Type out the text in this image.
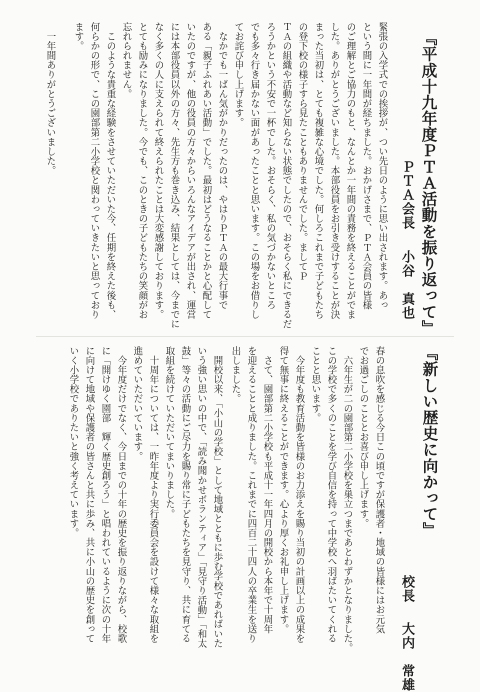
『平成十九年度ＰＴＡ活動を振り返って』
ＰＴＡ会長
小谷　真也
緊張の入学式での挨拶が、つい先日のように思い出されます。あっ
という間に一年間が経ちました。おかげさまで、ＰＴＡ会員の皆様
のご理解とご協力のもと、なんとか一年間の責務を終えることがでま
した。ありがとうございました。本部役員をお引き受けすることが決
まった当初は、とても複雑な心境でした。何しろこれまで子どもたち
の登下校の様子すら見たこともありませんでした。ましてＰ
ＴＡの組織や活動など知らない状態でしたので、おそらく私にできるだ
ろうかという不安で一杯でした。おそらく、私の気づかないところ
でも多々行き届かない面があったことと思います。この場をお借りし
てお詫び申し上げます。
　なかでも一ばん気がかりだったのは、やはりＰＴＡの最大行事で
ある「親子ふれあい活動」でした。最初はどうなることかと心配して
いたのですが、他の役員の方々からいろんなアイデアが出され、運営
には本部役員以外の方々、先生方も巻き込み、結果としては、今までに
なく多くの人に支えられて終えられたことは大変感謝しております。
とても励みになりました。今でも、このときの子どもたちの笑顔がお
忘れられません。
　このような貴重な経験をさせていただいた今、任期を終えた後も、
何らかの形で、この園部第二小学校と関わっていきたいと思っており
ます。
　一年間ありがとうございました。
『新しい歴史に向かって』
校長
大内　常雄
春の息吹を感じる今日この頃ですが保護者・地域の皆様にはお元気
でお過ごしのこととお喜び申し上げます。
　六年生が二の園部第二小学校を巣立つまであとわずかとなりました。
この学校で多くのことを学び自信を持って中学校へ羽ばたいてくれる
ことと思います。
　今年度も教育活動を皆様のお力添えを賜り当初の計画以上の成果を
得て無事に終えることができます。心より厚くお礼申し上げます。
　さて、園部第二小学校も平成十一年四月の開校から本年で十周年
を迎えることと成りました。これまでに四百二十四人の卒業生を送り
出しました。
　開校以来、「小山の学校」として地域とともに歩む学校であればいた
いう強い思いの中で、「読み聞かせボランティア」「見守り活動」「和太
鼓」等々の活動にご尽力を賜り常に子どもたちを見守り、共に育てる
取組を続けていただいてまいりました。
　十周年については、一昨年度より実行委員会を設けて様々な取組を
進めていただいています。
　今年度だけでなく、今日までの十年の歴史を振り返りながら、校歌
に「開けゆく園部　輝く歴史創ろう」と唱われているように次の十年
に向けて地域や保護者の皆さんと共に歩み、共に小山の歴史を創って
いく小学校でありたいと強く考えています。
